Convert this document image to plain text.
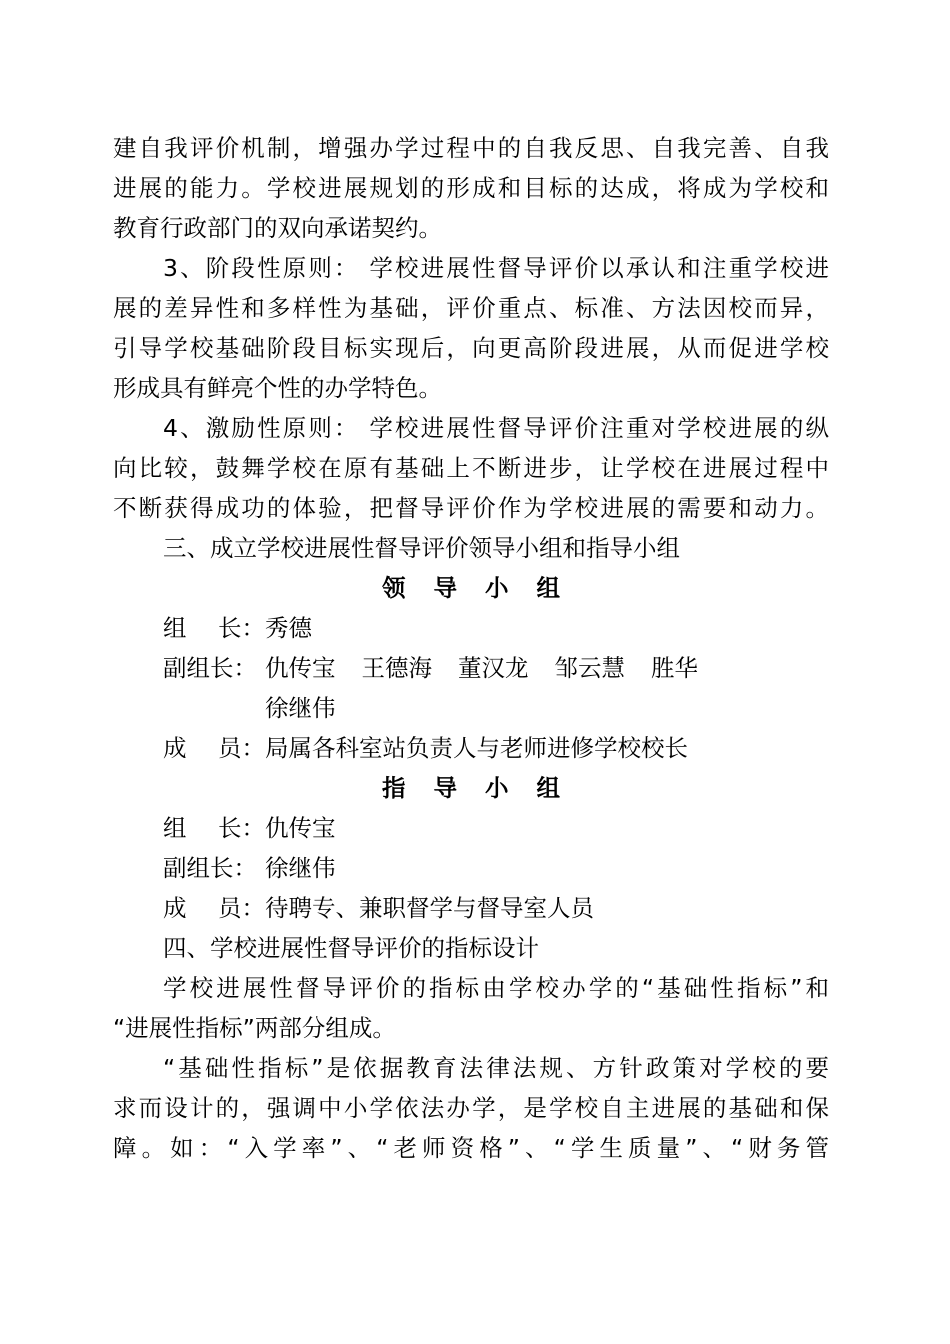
建自我评价机制，增强办学过程中的自我反思、自我完善、自我
进展的能力。学校进展规划的形成和目标的达成，将成为学校和
教育行政部门的双向承诺契约。
3、阶段性原则： 学校进展性督导评价以承认和注重学校进
展的差异性和多样性为基础，评价重点、标准、方法因校而异，
引导学校基础阶段目标实现后，向更高阶段进展，从而促进学校
形成具有鲜亮个性的办学特色。
4、激励性原则： 学校进展性督导评价注重对学校进展的纵
向比较，鼓舞学校在原有基础上不断进步，让学校在进展过程中
不断获得成功的体验，把督导评价作为学校进展的需要和动力。
三、成立学校进展性督导评价领导小组和指导小组
领导小组
组 长： 秀德
副组长： 仇传宝 王德海 董汉龙 邹云慧 胜华
徐继伟
成 员： 局属各科室站负责人与老师进修学校校长
指导小组
组 长： 仇传宝
副组长： 徐继伟
成 员： 待聘专、兼职督学与督导室人员
四、学校进展性督导评价的指标设计
学校进展性督导评价的指标由学校办学的“基础性指标”和
“进展性指标”两部分组成。
“基础性指标”是依据教育法律法规、方针政策对学校的要
求而设计的，强调中小学依法办学，是学校自主进展的基础和保
障。如：“入学率”、“老师资格”、“学生质量”、“财务管
